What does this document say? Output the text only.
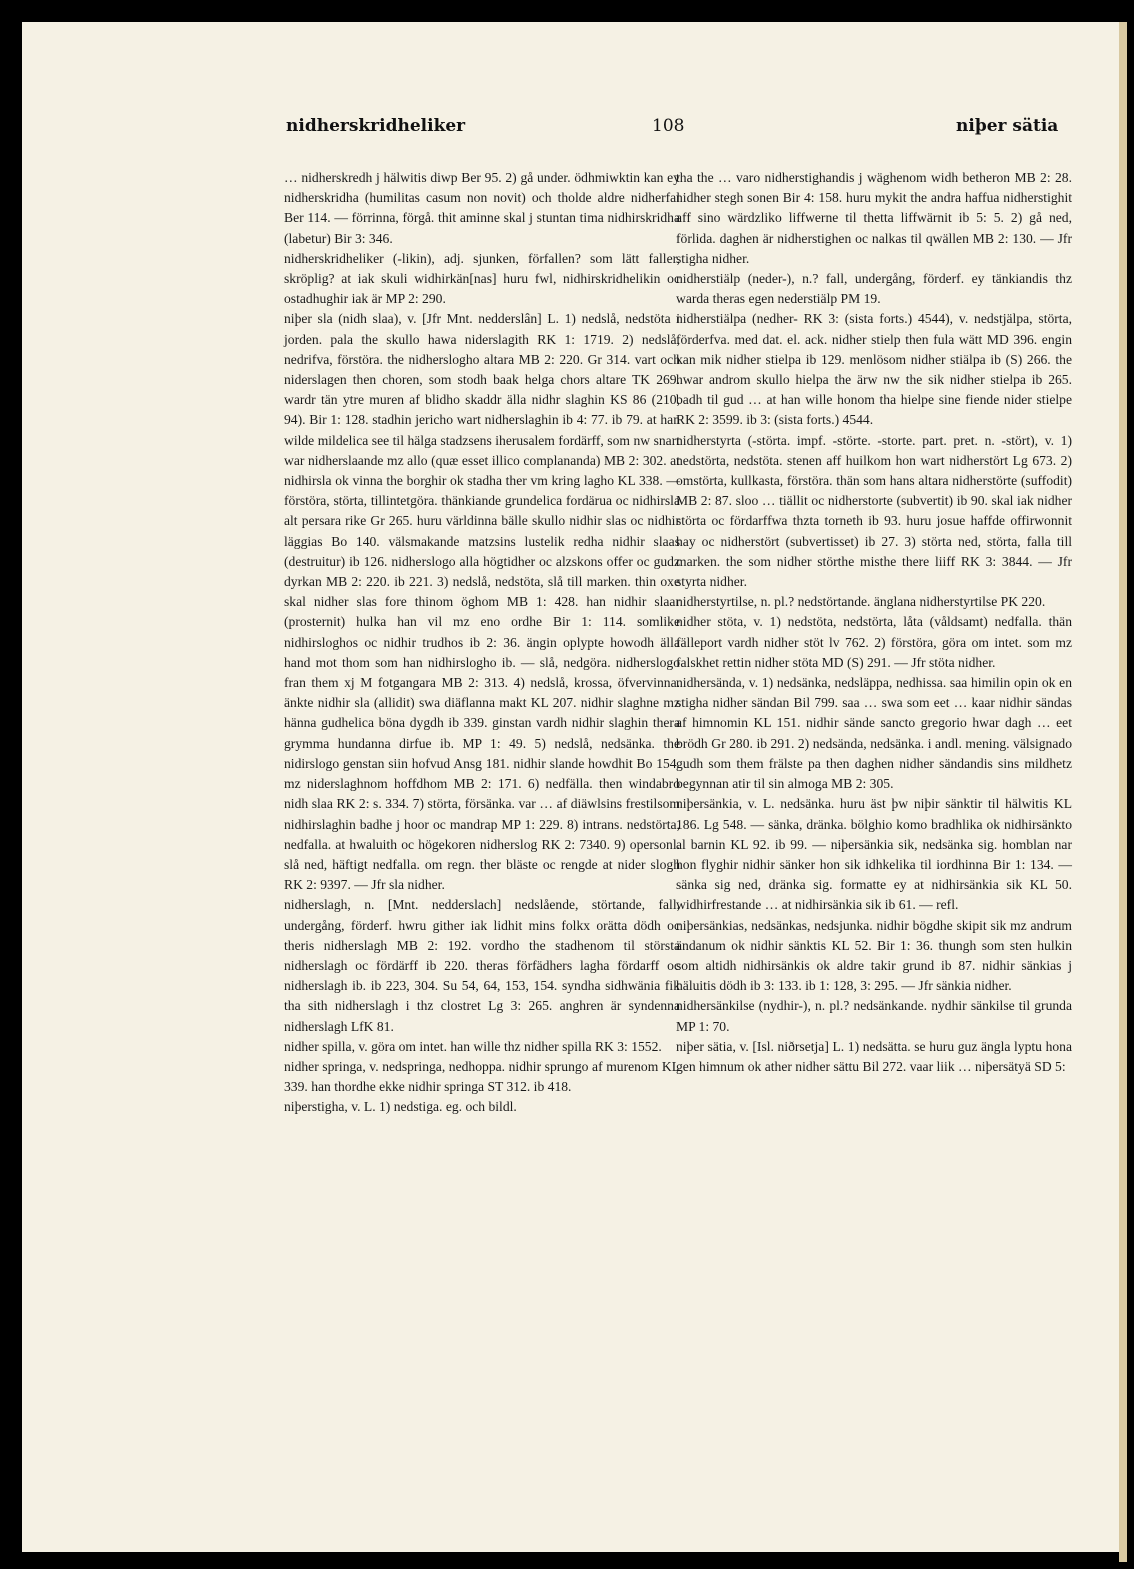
nidherskridheliker	108	niþer sätia

… nidherskredh j hälwitis diwp Ber 95. 2) gå under. ödhmiwktin kan ey nidherskridha (humilitas casum non novit) och tholde aldre nidherfal Ber 114. — förrinna, förgå. thit aminne skal j stuntan tima nidhirskridha (labetur) Bir 3: 346.

nidherskridheliker (-likin), adj. sjunken, förfallen? som lätt faller, skröplig? at iak skuli widhirkän[nas] huru fwl, nidhirskridhelikin oc ostadhughir iak är MP 2: 290.

niþer sla (nidh slaa), v. [Jfr Mnt. nedderslân] L. 1) nedslå, nedstöta i jorden. pala the skullo hawa niderslagith RK 1: 1719. 2) nedslå, nedrifva, förstöra. the nidherslogho altara MB 2: 220. Gr 314. vart och niderslagen then choren, som stodh baak helga chors altare TK 269. wardr tän ytre muren af blidho skaddr älla nidhr slaghin KS 86 (210, 94). Bir 1: 128. stadhin jericho wart nidherslaghin ib 4: 77. ib 79. at han wilde mildelica see til hälga stadzsens iherusalem fordärff, som nw snart war nidherslaande mz allo (quæ esset illico complananda) MB 2: 302. at nidhirsla ok vinna the borghir ok stadha ther vm kring lagho KL 338. — förstöra, störta, tillintetgöra. thänkiande grundelica fordärua oc nidhirsla alt persara rike Gr 265. huru världinna bälle skullo nidhir slas oc nidhir läggias Bo 140. välsmakande matzsins lustelik redha nidhir slaas (destruitur) ib 126. nidherslogo alla högtidher oc alzskons offer oc gudz dyrkan MB 2: 220. ib 221. 3) nedslå, nedstöta, slå till marken. thin oxe skal nidher slas fore thinom öghom MB 1: 428. han nidhir slaar (prosternit) hulka han vil mz eno ordhe Bir 1: 114. somlike nidhirsloghos oc nidhir trudhos ib 2: 36. ängin oplypte howodh älla hand mot thom som han nidhirslogho ib. — slå, nedgöra. nidherslogo fran them xj M fotgangara MB 2: 313. 4) nedslå, krossa, öfvervinna. änkte nidhir sla (allidit) swa diäflanna makt KL 207. nidhir slaghne mz hänna gudhelica böna dygdh ib 339. ginstan vardh nidhir slaghin thera grymma hundanna dirfue ib. MP 1: 49. 5) nedslå, nedsänka. the nidirslogo genstan siin hofvud Ansg 181. nidhir slande howdhit Bo 154. mz niderslaghnom hoffdhom MB 2: 171. 6) nedfälla. then windabro nidh slaa RK 2: s. 334. 7) störta, försänka. var … af diäwlsins frestilsom nidhirslaghin badhe j hoor oc mandrap MP 1: 229. 8) intrans. nedstörta, nedfalla. at hwaluith oc högekoren nidherslog RK 2: 7340. 9) opersonl. slå ned, häftigt nedfalla. om regn. ther bläste oc rengde at nider slogh RK 2: 9397. — Jfr sla nidher.

nidherslagh, n. [Mnt. nedderslach] nedslående, störtande, fall, undergång, förderf. hwru gither iak lidhit mins folkx orätta dödh oc theris nidherslagh MB 2: 192. vordho the stadhenom til största nidherslagh oc fördärff ib 220. theras förfädhers lagha fördarff oc nidherslagh ib. ib 223, 304. Su 54, 64, 153, 154. syndha sidhwänia fik tha sith nidherslagh i thz clostret Lg 3: 265. anghren är syndenna nidherslagh LfK 81.

nidher spilla, v. göra om intet. han wille thz nidher spilla RK 3: 1552.

nidher springa, v. nedspringa, nedhoppa. nidhir sprungo af murenom KL 339. han thordhe ekke nidhir springa ST 312. ib 418.

niþerstigha, v. L. 1) nedstiga. eg. och bildl.

tha the … varo nidherstighandis j wäghenom widh betheron MB 2: 28. nidher stegh sonen Bir 4: 158. huru mykit the andra haffua nidherstighit aff sino wärdzliko liffwerne til thetta liffwärnit ib 5: 5. 2) gå ned, förlida. daghen är nidherstighen oc nalkas til qwällen MB 2: 130. — Jfr stigha nidher.

nidherstiälp (neder-), n.? fall, undergång, förderf. ey tänkiandis thz warda theras egen nederstiälp PM 19.

nidherstiälpa (nedher- RK 3: (sista forts.) 4544), v. nedstjälpa, störta, förderfva. med dat. el. ack. nidher stielp then fula wätt MD 396. engin kan mik nidher stielpa ib 129. menlösom nidher stiälpa ib (S) 266. the hwar androm skullo hielpa the ärw nw the sik nidher stielpa ib 265. badh til gud … at han wille honom tha hielpe sine fiende nider stielpe RK 2: 3599. ib 3: (sista forts.) 4544.

nidherstyrta (-störta. impf. -störte. -storte. part. pret. n. -stört), v. 1) nedstörta, nedstöta. stenen aff huilkom hon wart nidherstört Lg 673. 2) omstörta, kullkasta, förstöra. thän som hans altara nidherstörte (suffodit) MB 2: 87. sloo … tiällit oc nidherstorte (subvertit) ib 90. skal iak nidher störta oc fördarffwa thzta torneth ib 93. huru josue haffde offirwonnit hay oc nidherstört (subvertisset) ib 27. 3) störta ned, störta, falla till marken. the som nidher störthe misthe there liiff RK 3: 3844. — Jfr styrta nidher.

nidherstyrtilse, n. pl.? nedstörtande. änglana nidherstyrtilse PK 220.

nidher stöta, v. 1) nedstöta, nedstörta, låta (våldsamt) nedfalla. thän fälleport vardh nidher stöt lv 762. 2) förstöra, göra om intet. som mz falskhet rettin nidher stöta MD (S) 291. — Jfr stöta nidher.

nidhersända, v. 1) nedsänka, nedsläppa, nedhissa. saa himilin opin ok en stigha nidher sändan Bil 799. saa … swa som eet … kaar nidhir sändas af himnomin KL 151. nidhir sände sancto gregorio hwar dagh … eet brödh Gr 280. ib 291. 2) nedsända, nedsänka. i andl. mening. välsignado gudh som them frälste pa then daghen nidher sändandis sins mildhetz begynnan atir til sin almoga MB 2: 305.

niþersänkia, v. L. nedsänka. huru äst þw niþir sänktir til hälwitis KL 186. Lg 548. — sänka, dränka. bölghio komo bradhlika ok nidhirsänkto al barnin KL 92. ib 99. — niþersänkia sik, nedsänka sig. homblan nar hon flyghir nidhir sänker hon sik idhkelika til iordhinna Bir 1: 134. — sänka sig ned, dränka sig. formatte ey at nidhirsänkia sik KL 50. widhirfrestande … at nidhirsänkia sik ib 61. — refl.

niþersänkias, nedsänkas, nedsjunka. nidhir bögdhe skipit sik mz andrum ändanum ok nidhir sänktis KL 52. Bir 1: 36. thungh som sten hulkin som altidh nidhirsänkis ok aldre takir grund ib 87. nidhir sänkias j häluitis dödh ib 3: 133. ib 1: 128, 3: 295. — Jfr sänkia nidher.

nidhersänkilse (nydhir-), n. pl.? nedsänkande. nydhir sänkilse til grunda MP 1: 70.

niþer sätia, v. [Isl. niðrsetja] L. 1) nedsätta. se huru guz ängla lyptu hona gen himnum ok ather nidher sättu Bil 272. vaar liik … niþersätyä SD 5:
